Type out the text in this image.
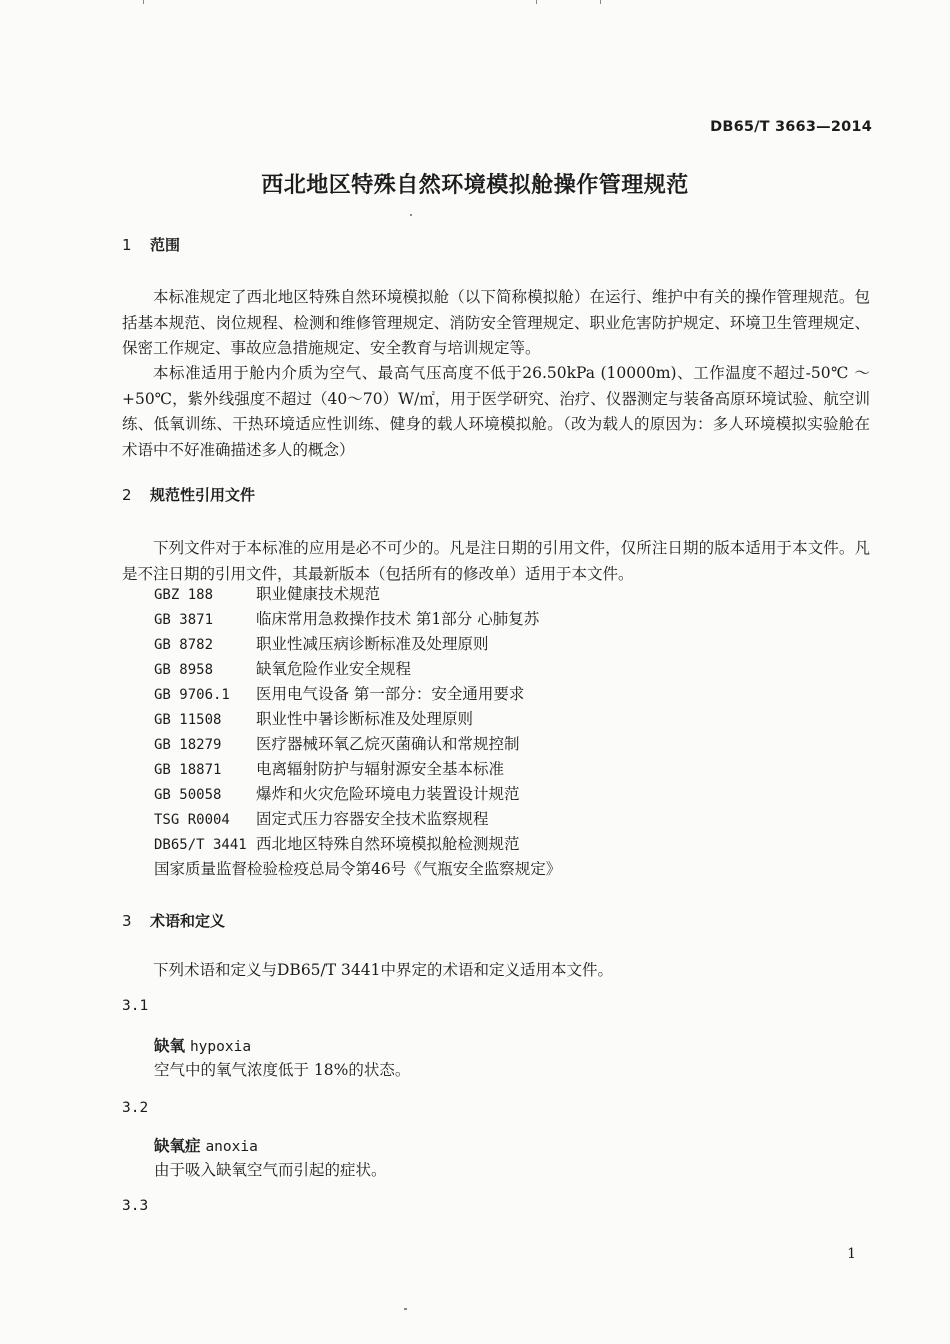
DB65/T 3663—2014
西北地区特殊自然环境模拟舱操作管理规范
1 范围

本标准规定了西北地区特殊自然环境模拟舱（以下简称模拟舱）在运行、维护中有关的操作管理规范。包括基本规范、岗位规程、检测和维修管理规定、消防安全管理规定、职业危害防护规定、环境卫生管理规定、保密工作规定、事故应急措施规定、安全教育与培训规定等。

本标准适用于舱内介质为空气、最高气压高度不低于26.50kPa (10000m)、工作温度不超过-50℃ ～ +50℃，紫外线强度不超过（40～70）W/㎡，用于医学研究、治疗、仪器测定与装备高原环境试验、航空训练、低氧训练、干热环境适应性训练、健身的载人环境模拟舱。（改为载人的原因为：多人环境模拟实验舱在术语中不好准确描述多人的概念）

2 规范性引用文件

下列文件对于本标准的应用是必不可少的。凡是注日期的引用文件，仅所注日期的版本适用于本文件。凡是不注日期的引用文件，其最新版本（包括所有的修改单）适用于本文件。

GBZ 188	职业健康技术规范
GB 3871	临床常用急救操作技术 第1部分 心肺复苏
GB 8782	职业性减压病诊断标准及处理原则
GB 8958	缺氧危险作业安全规程
GB 9706.1 医用电气设备 第一部分：安全通用要求
GB 11508 职业性中暑诊断标准及处理原则
GB 18279 医疗器械环氧乙烷灭菌确认和常规控制
GB 18871 电离辐射防护与辐射源安全基本标准
GB 50058 爆炸和火灾危险环境电力装置设计规范
TSG R0004 固定式压力容器安全技术监察规程
DB65/T 3441 西北地区特殊自然环境模拟舱检测规范
国家质量监督检验检疫总局令第46号《气瓶安全监察规定》
3 术语和定义

下列术语和定义与DB65/T 3441中界定的术语和定义适用本文件。

3.1
缺氧 hypoxia
空气中的氧气浓度低于 18%的状态。
3.2
缺氧症 anoxia
由于吸入缺氧空气而引起的症状。
3.3
1
